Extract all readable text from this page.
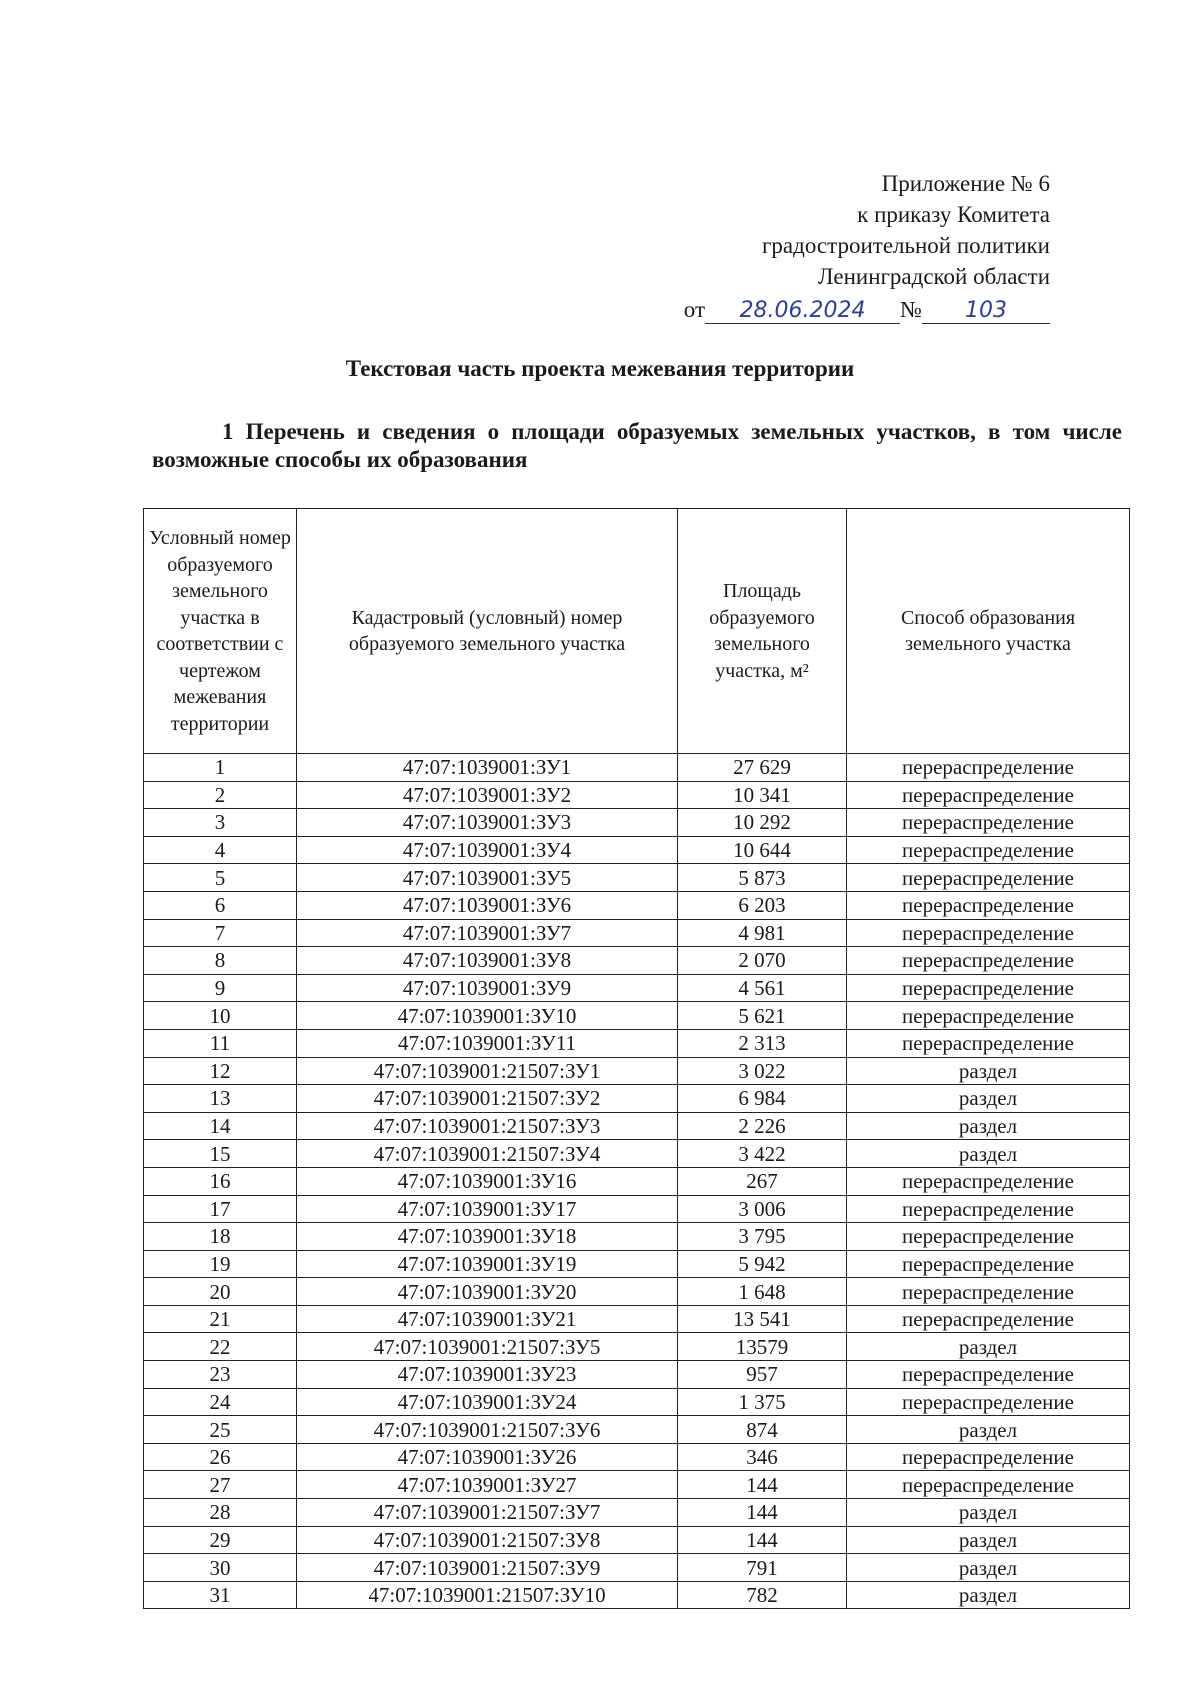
Приложение № 6
к приказу Комитета
градостроительной политики
Ленинградской области
от 28.06.2024 № 103
Текстовая часть проекта межевания территории
1 Перечень и сведения о площади образуемых земельных участков, в том числе возможные способы их образования
Условный номер образуемого земельного участка в соответствии с чертежом межевания территории	Кадастровый (условный) номер образуемого земельного участка	Площадь образуемого земельного участка, м²	Способ образования земельного участка
1	47:07:1039001:ЗУ1	27 629	перераспределение
2	47:07:1039001:ЗУ2	10 341	перераспределение
3	47:07:1039001:ЗУ3	10 292	перераспределение
4	47:07:1039001:ЗУ4	10 644	перераспределение
5	47:07:1039001:ЗУ5	5 873	перераспределение
6	47:07:1039001:ЗУ6	6 203	перераспределение
7	47:07:1039001:ЗУ7	4 981	перераспределение
8	47:07:1039001:ЗУ8	2 070	перераспределение
9	47:07:1039001:ЗУ9	4 561	перераспределение
10	47:07:1039001:ЗУ10	5 621	перераспределение
11	47:07:1039001:ЗУ11	2 313	перераспределение
12	47:07:1039001:21507:ЗУ1	3 022	раздел
13	47:07:1039001:21507:ЗУ2	6 984	раздел
14	47:07:1039001:21507:ЗУ3	2 226	раздел
15	47:07:1039001:21507:ЗУ4	3 422	раздел
16	47:07:1039001:ЗУ16	267	перераспределение
17	47:07:1039001:ЗУ17	3 006	перераспределение
18	47:07:1039001:ЗУ18	3 795	перераспределение
19	47:07:1039001:ЗУ19	5 942	перераспределение
20	47:07:1039001:ЗУ20	1 648	перераспределение
21	47:07:1039001:ЗУ21	13 541	перераспределение
22	47:07:1039001:21507:ЗУ5	13579	раздел
23	47:07:1039001:ЗУ23	957	перераспределение
24	47:07:1039001:ЗУ24	1 375	перераспределение
25	47:07:1039001:21507:ЗУ6	874	раздел
26	47:07:1039001:ЗУ26	346	перераспределение
27	47:07:1039001:ЗУ27	144	перераспределение
28	47:07:1039001:21507:ЗУ7	144	раздел
29	47:07:1039001:21507:ЗУ8	144	раздел
30	47:07:1039001:21507:ЗУ9	791	раздел
31	47:07:1039001:21507:ЗУ10	782	раздел
